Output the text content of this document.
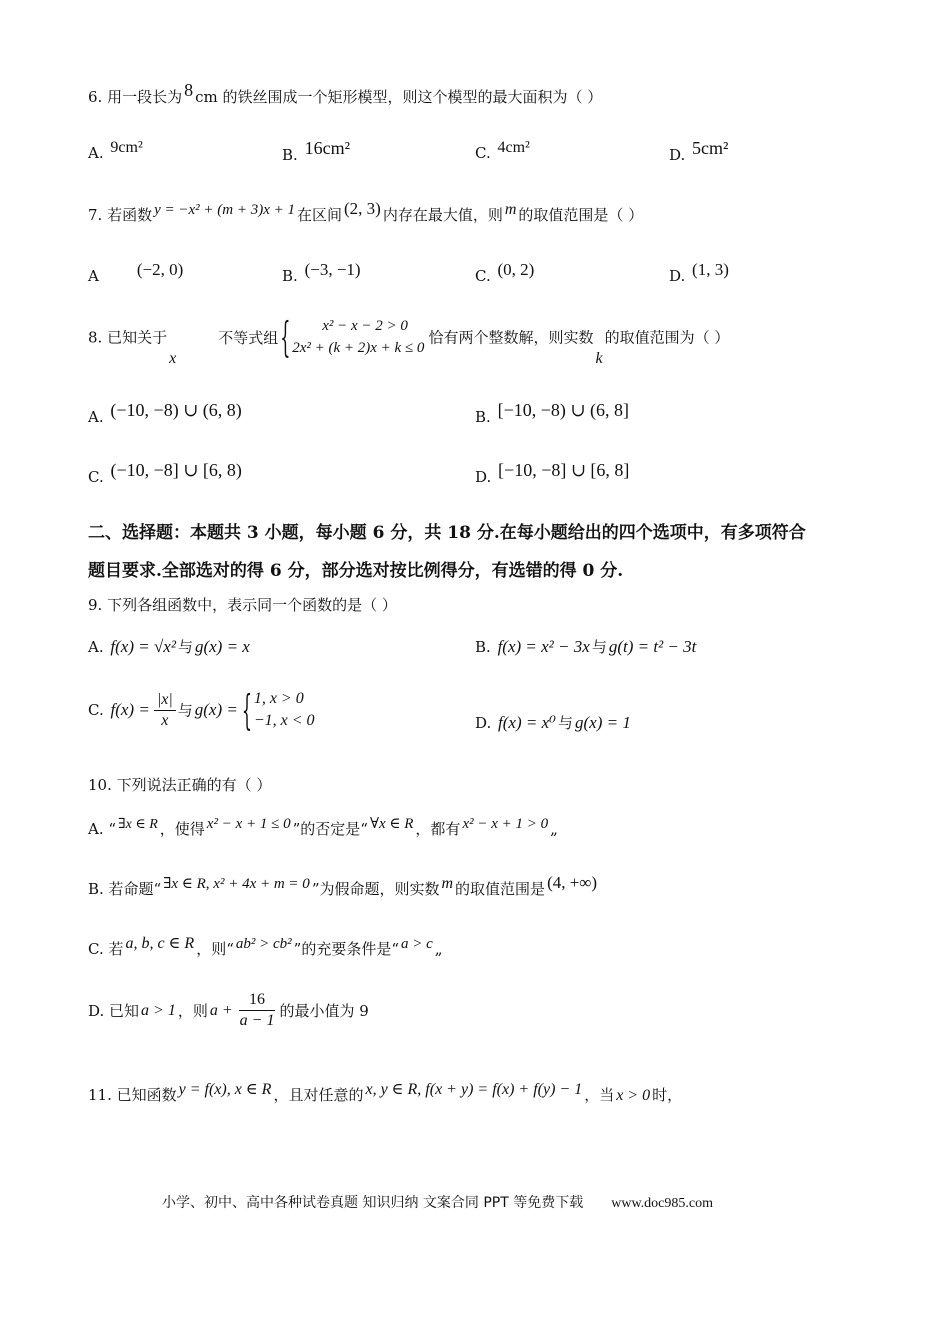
6. 用一段长为 8 cm 的铁丝围成一个矩形模型，则这个模型的最大面积为（ ）
A. 9cm²	B. 16cm²	C. 4cm²	D. 5cm²
7. 若函数 y = −x² + (m + 3)x + 1 在区间 (2, 3) 内存在最大值，则 m 的取值范围是（ ）
A (−2, 0)	B. (−3, −1)	C. (0, 2)	D. (1, 3)
8. 已知关于x不等式组
{ x² − x − 2 > 0
2x² + (k + 2)x + k ≤ 0
恰有两个整数解，则实数k的取值范围为（ ）
A. (−10, −8) ∪ (6, 8)	B. [−10, −8) ∪ (6, 8]
C. (−10, −8] ∪ [6, 8)	D. [−10, −8] ∪ [6, 8]
二、选择题：本题共 3 小题，每小题 6 分，共 18 分.在每小题给出的四个选项中，有多项符合
题目要求.全部选对的得 6 分，部分选对按比例得分，有选错的得 0 分.
9. 下列各组函数中，表示同一个函数的是（ ）
A. f(x) = √x² 与 g(x) = x	B. f(x) = x² − 3x 与 g(t) = t² − 3t
C. $f(x) = \frac{|x|}{x}$ 与 g(x) =
{ 1, x > 0
−1, x < 0	D. f(x) = x⁰ 与 g(x) = 1
10. 下列说法正确的有（ ）
A. “ ∃x ∈ R ，使得 x² − x + 1 ≤ 0 ”的否定是“ ∀x ∈ R ，都有 x² − x + 1 > 0 „
B. 若命题“ ∃x ∈ R, x² + 4x + m = 0 ”为假命题，则实数 m 的取值范围是 (4, +∞)
C. 若 a, b, c ∈ R ，则“ ab² > cb² ”的充要条件是“ a > c „
D. 已知 a > 1 ，则 $a + \frac{16}{a - 1}$ 的最小值为 9
11. 已知函数 y = f(x), x ∈ R ，且对任意的 x, y ∈ R, f(x + y) = f(x) + f(y) − 1 ，当 x > 0 时，
小学、初中、高中各种试卷真题 知识归纳 文案合同 PPT 等免费下载 www.doc985.com
